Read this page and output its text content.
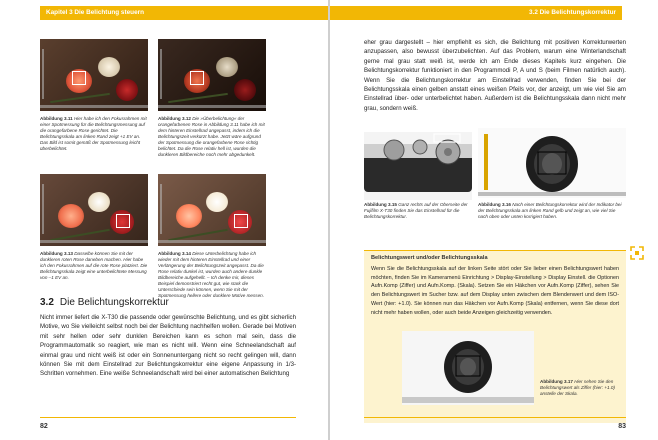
Kapitel 3 Die Belichtung steuern
Abbildung 3.11 Hier habe ich den Fokusrahmen mit einer Spotmessung für die Belichtungsmessung auf die orangefarbene Rose gerichtet. Die Belichtungsskala am linken Rand zeigt +1 EV an. Das Bild ist somit gemäß der Spotmessung leicht überbelichtet.
Abbildung 3.12 Die »Überbelichtung« der orangefarbenen Rose in Abbildung 3.11 habe ich mit dem hinteren Einstellrad angepasst, indem ich die Belichtungszeit verkürzt habe. Jetzt wäre aufgrund der Spotmessung die orangefarbene Rose richtig belichtet. Da die Rose relativ hell ist, wurden die dunkleren Bildbereiche noch mehr abgedunkelt.
Abbildung 3.13 Dasselbe können Sie mit der dunkleren roten Rose daneben machen. Hier habe ich den Fokusrahmen auf die rote Rose platziert. Die Belichtungsskala zeigt eine unterbelichtete Messung von –1 EV an.
Abbildung 3.14 Diese Unterbelichtung habe ich wieder mit dem hinteren Einstellrad und einer Verlängerung der Belichtungszeit angepasst. Da die Rose relativ dunkel ist, wurden auch andere dunkle Bildbereiche aufgehellt. – Ich denke mir, dieses Beispiel demonstriert recht gut, wie stark die Unterschiede sein können, wenn Sie mit der Spotmessung hellere oder dunklere Motive messen.
3.2 Die Belichtungskorrektur
Nicht immer liefert die X-T30 die passende oder gewünschte Belichtung, und es gibt sicherlich Motive, wo Sie vielleicht selbst noch bei der Belichtung nachhelfen wollen. Gerade bei Motiven mit sehr hellen oder sehr dunklen Bereichen kann es schon mal sein, dass die Programmautomatik so reagiert, wie man es nicht will. Wenn eine Schneelandschaft auf einmal grau und nicht weiß ist oder ein Sonnenuntergang nicht so recht gelingen will, dann können Sie mit dem Einstellrad zur Belichtungskorrektur eine eigene Anpassung in 1/3-Schritten vornehmen. Eine weiße Schneelandschaft wird bei einer automatischen Belichtung
82
3.2 Die Belichtungskorrektur
eher grau dargestellt – hier empfiehlt es sich, die Belichtung mit positiven Korrekturwerten anzupassen, also bewusst überzubelichten. Auf das Problem, warum eine Winterlandschaft gerne mal grau statt weiß ist, werde ich am Ende dieses Kapitels kurz eingehen. Die Belichtungskorrektur funktioniert in den Programmodi P, A und S (beim Filmen natürlich auch). Wenn Sie die Belichtungskorrektur am Einstellrad verwenden, finden Sie bei der Belichtungsskala einen gelben anstatt eines weißen Pfeils vor, der anzeigt, um wie viel Sie am Einstellrad über- oder unterbelichtet haben. Außerdem ist die Belichtungsskala dann nicht mehr grau, sondern weiß.
Abbildung 3.15 Ganz rechts auf der Oberseite der Fujifilm X-T30 finden Sie das Einstellrad für die Belichtungskorrektur.
Abbildung 3.16 Nach einer Belichtungskorrektur wird der Indikator bei der Belichtungsskala am linken Rand gelb und zeigt an, wie viel Sie nach oben oder unten korrigiert haben.
Belichtungswert und/oder Belichtungsskala
Wenn Sie die Belichtungsskala auf der linken Seite stört oder Sie lieber einen Belichtungswert haben möchten, finden Sie im Kameramenü Einrichtung > Display-Einstellung > Display Einstell. die Optionen Aufn.Komp (Ziffer) und Aufn.Komp. (Skala). Setzen Sie ein Häkchen vor Aufn.Komp (Ziffer), sehen Sie den Belichtungswert im Sucher bzw. auf dem Display unten zwischen dem Blendenwert und dem ISO-Wert (hier: +1.0). Sie können nun das Häkchen vor Aufn.Komp (Skala) entfernen, wenn Sie diese dort nicht mehr haben wollen, oder auch beide Anzeigen gleichzeitig verwenden.
Abbildung 3.17 Hier sehen Sie den Belichtungswert als Ziffer (hier: +1.0) anstelle der Skala.
83
